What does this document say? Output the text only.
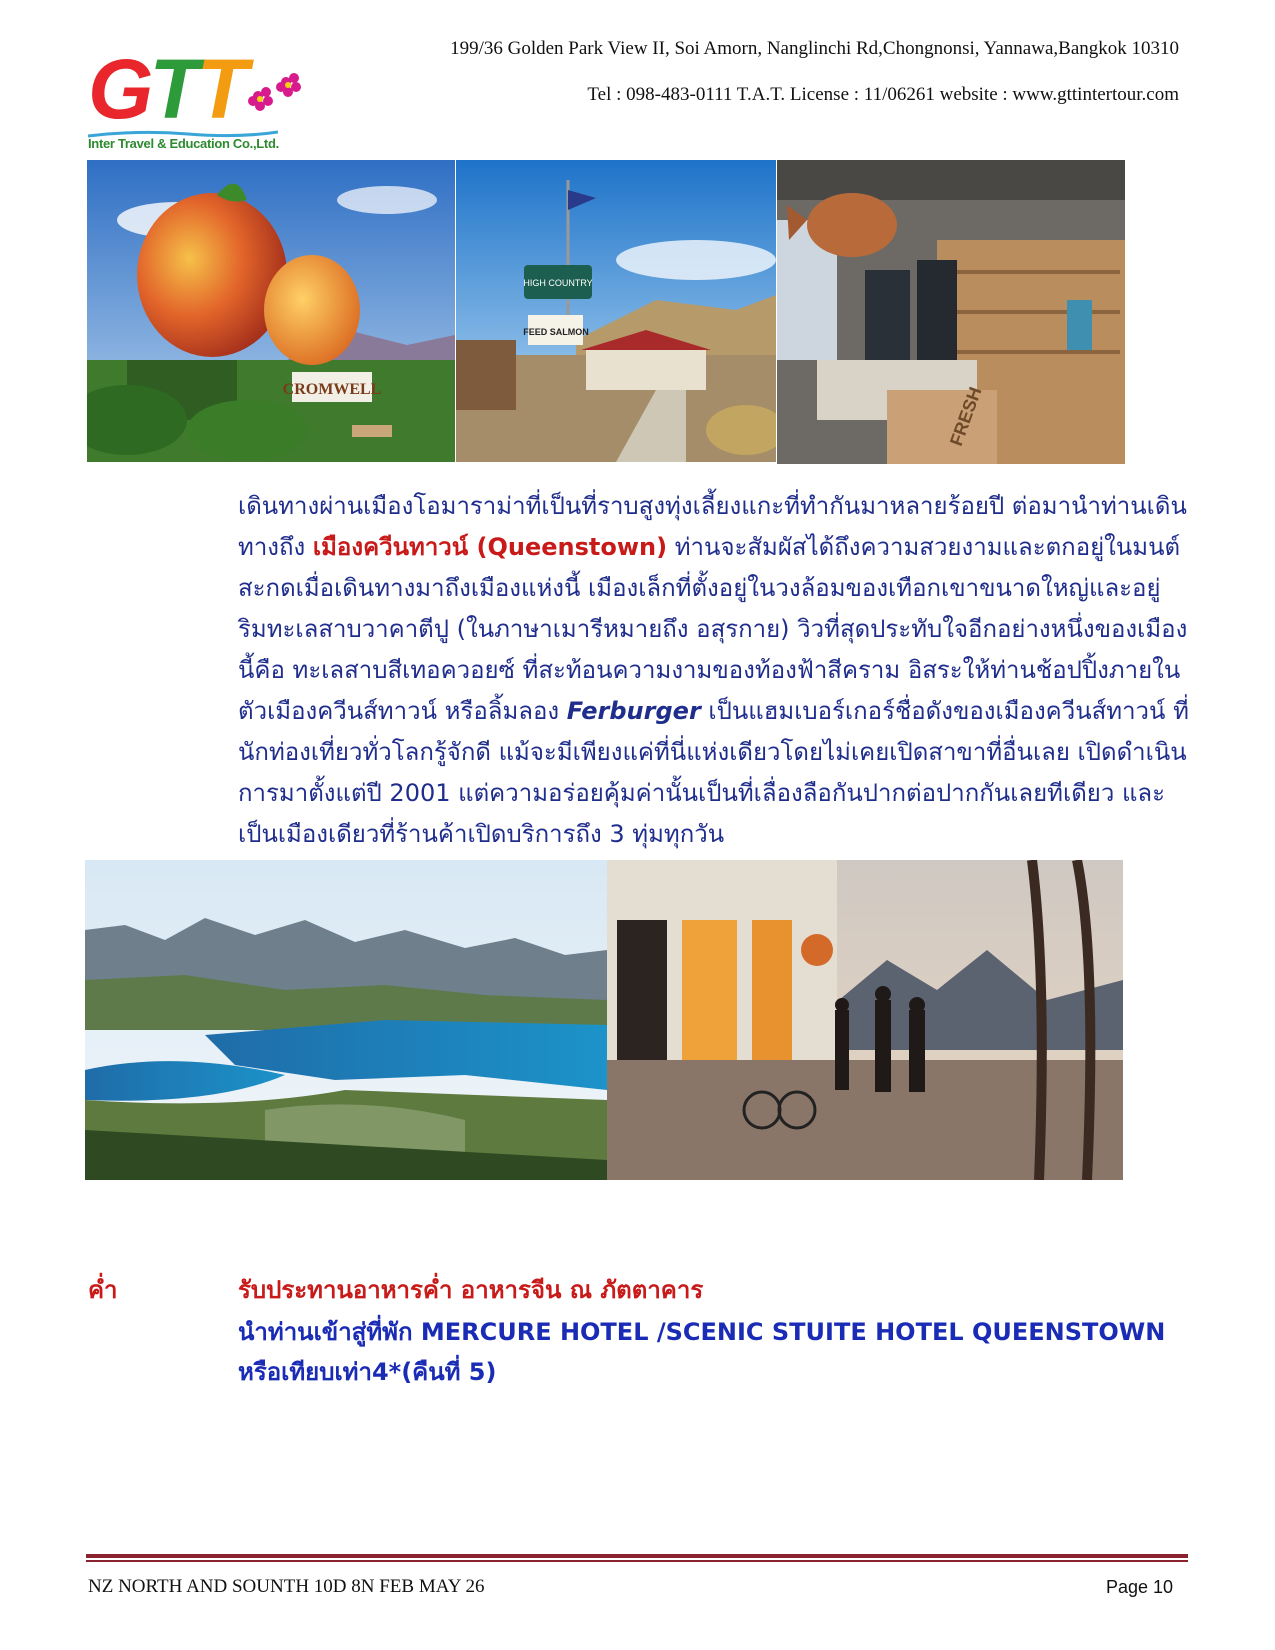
GTT
Inter Travel & Education Co.,Ltd.
199/36 Golden Park View II, Soi Amorn, Nanglinchi Rd,Chongnonsi, Yannawa,Bangkok 10310
Tel : 098-483-0111 T.A.T. License : 11/06261 website : www.gttintertour.com
CROMWELL
HIGH COUNTRY
FEED SALMON
FRESH

เดินทางผ่านเมืองโอมาราม่าที่เป็นที่ราบสูงทุ่งเลี้ยงแกะที่ทำกันมาหลายร้อยปี ต่อมานำท่านเดินทางถึง เมืองควีนทาวน์ (Queenstown) ท่านจะสัมผัสได้ถึงความสวยงามและตกอยู่ในมนต์สะกดเมื่อเดินทางมาถึงเมืองแห่งนี้ เมืองเล็กที่ตั้งอยู่ในวงล้อมของเทือกเขาขนาดใหญ่และอยู่ ริมทะเลสาบวาคาตีปู (ในภาษาเมารีหมายถึง อสุรกาย) วิวที่สุดประทับใจอีกอย่างหนึ่งของเมืองนี้คือ ทะเลสาบสีเทอควอยซ์ ที่สะท้อนความงามของท้องฟ้าสีคราม อิสระให้ท่านช้อปปิ้งภายในตัวเมืองควีนส์ทาวน์ หรือลิ้มลอง Ferburger เป็นแฮมเบอร์เกอร์ชื่อดังของเมืองควีนส์ทาวน์ ที่นักท่องเที่ยวทั่วโลกรู้จักดี แม้จะมีเพียงแค่ที่นี่แห่งเดียวโดยไม่เคยเปิดสาขาที่อื่นเลย เปิดดำเนินการมาตั้งแต่ปี 2001 แต่ความอร่อยคุ้มค่านั้นเป็นที่เลื่องลือกันปากต่อปากกันเลยทีเดียว และเป็นเมืองเดียวที่ร้านค้าเปิดบริการถึง 3 ทุ่มทุกวัน

ค่ำ	รับประทานอาหารค่ำ อาหารจีน ณ ภัตตาคาร
นำท่านเข้าสู่ที่พัก MERCURE HOTEL /SCENIC STUITE HOTEL QUEENSTOWN หรือเทียบเท่า4*(คืนที่ 5)
NZ NORTH AND SOUNTH 10D 8N FEB MAY 26	Page 10
